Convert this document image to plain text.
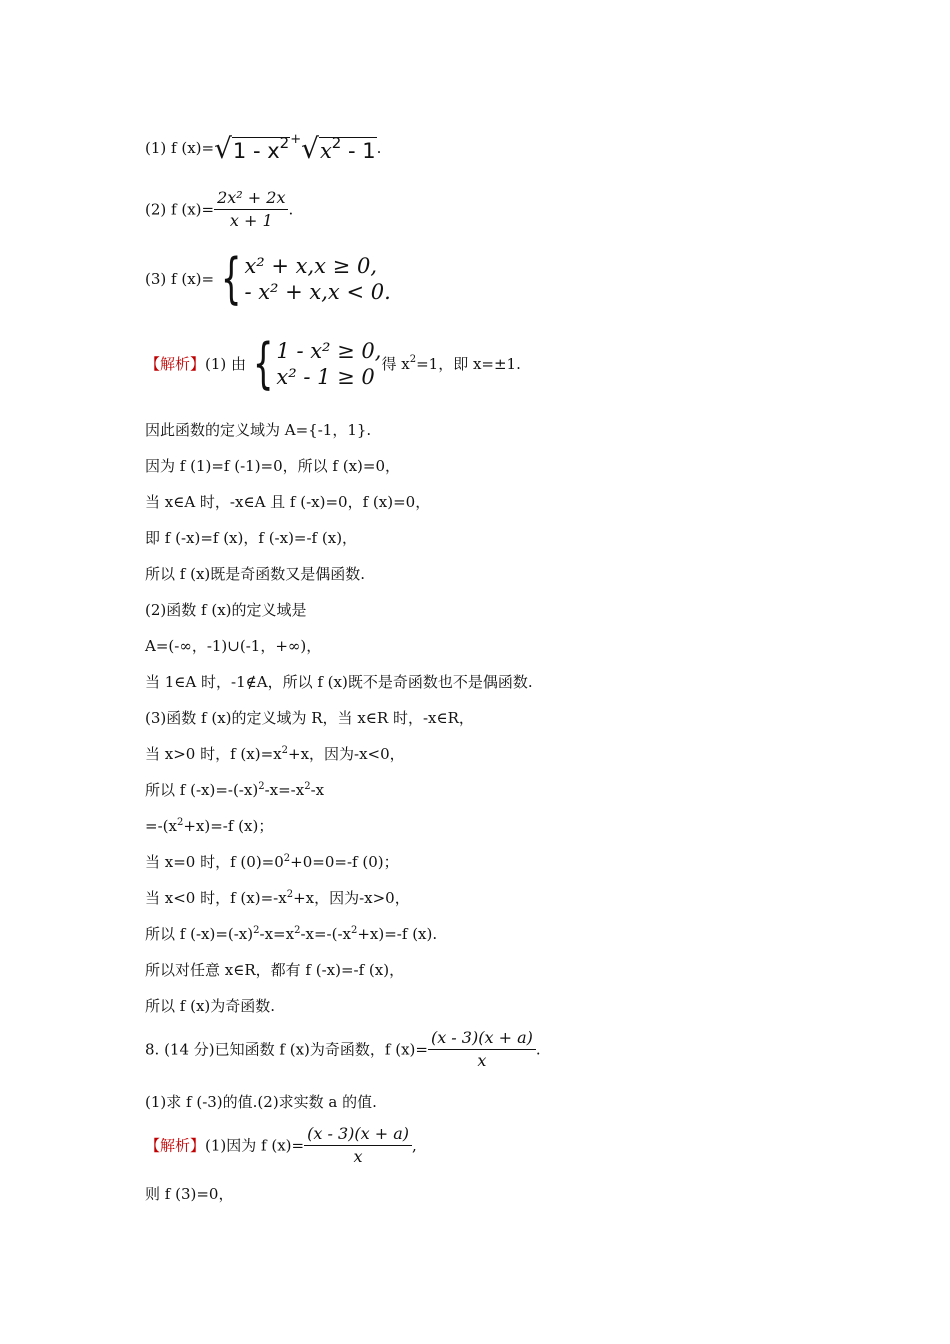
(1) f (x)= √ $1 - x^2$ + √ $x^2 - 1$ .
(2) f $(x)= \frac{\text{2x² + 2x}}{x + 1}$ .
(3) f (x)= { x² + x,x ≥ 0,
- x² + x,x < 0.
【解析】(1) 由 { 1 - x² ≥ 0,
x² - 1 ≥ 0
得 $x^2=1$，即 x=±1.
因此函数的定义域为 A={-1，1}.
因为 f (1)=f (-1)=0，所以 f (x)=0，
当 x∈A 时，-x∈A 且 f (-x)=0，f (x)=0，
即 f (-x)=f (x)，f (-x)=-f (x)，
所以 f (x)既是奇函数又是偶函数.
(2)函数 f (x)的定义域是
A=(-∞，-1)∪(-1，+∞)，
当 1∈A 时，-1∉A，所以 f (x)既不是奇函数也不是偶函数.
(3)函数 f (x)的定义域为 R，当 x∈R 时，-x∈R，
当 x>0 时，f $(x)=x^2+x$，因为-x<0，
所以 f $(-x)=-(-x)^2-x=-x^2-x$
$=-(x^2+x)=-f$ (x)；
当 x=0 时，f $(0)=0^2+0=0=-f$ (0)；
当 x<0 时，f $(x)=-x^2+x$，因为-x>0，
所以 f $(-x)=(-x)^2-x=x^2-x=-(-x^2+x)=-f$ (x).
所以对任意 x∈R，都有 f (-x)=-f (x)，
所以 f (x)为奇函数.
8. (14 分)已知函数 f (x)为奇函数，f $(x)= \frac{(x - 3)(x + a)}{x}$ .
(1)求 f (-3)的值.(2)求实数 a 的值.
【解析】(1)因为 f $(x)= \frac{(x - 3)(x + a)}{x}$ ,
则 f (3)=0，
